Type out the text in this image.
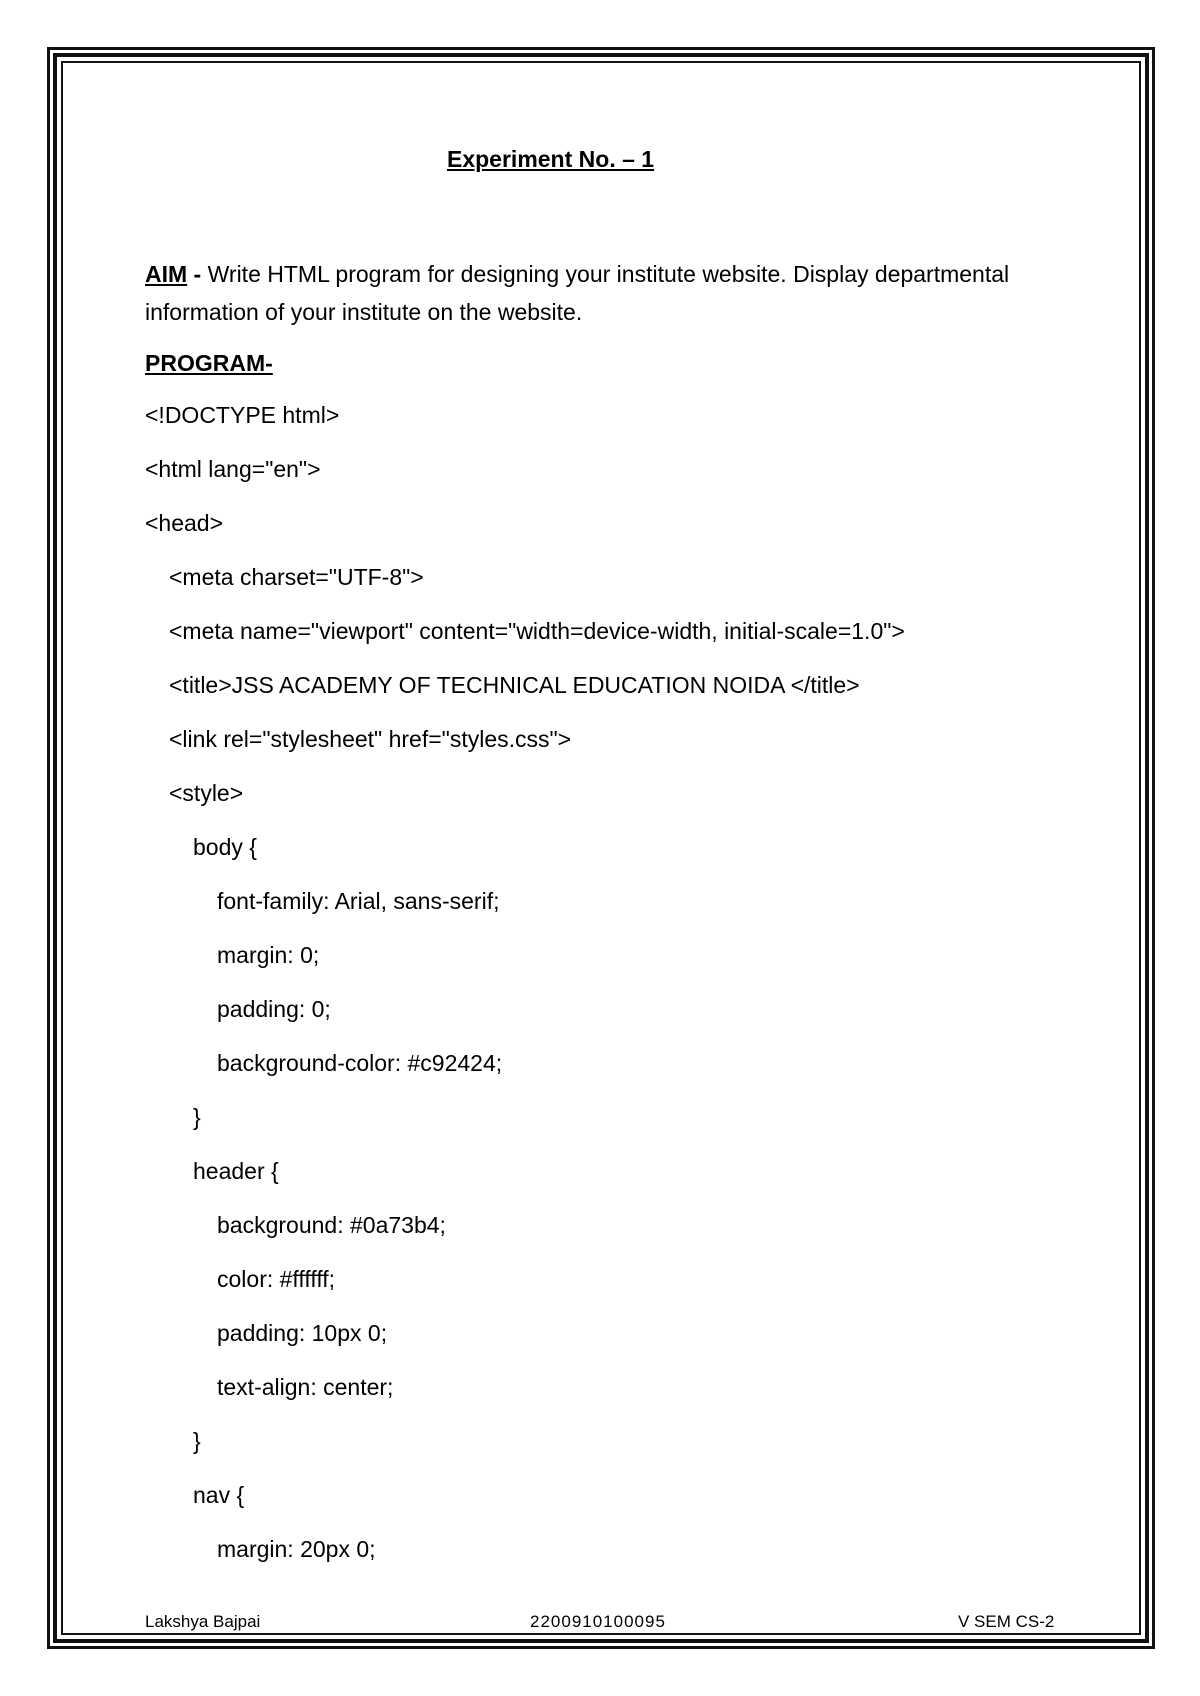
Experiment No. – 1
AIM - Write HTML program for designing your institute website. Display departmental information of your institute on the website.
PROGRAM-
<!DOCTYPE html>
<html lang="en">
<head>
<meta charset="UTF-8">
<meta name="viewport" content="width=device-width, initial-scale=1.0">
<title>JSS ACADEMY OF TECHNICAL EDUCATION NOIDA </title>
<link rel="stylesheet" href="styles.css">
<style>
body {
font-family: Arial, sans-serif;
margin: 0;
padding: 0;
background-color: #c92424;
}
header {
background: #0a73b4;
color: #ffffff;
padding: 10px 0;
text-align: center;
}
nav {
margin: 20px 0;
Lakshya Bajpai	2200910100095	V SEM CS-2
